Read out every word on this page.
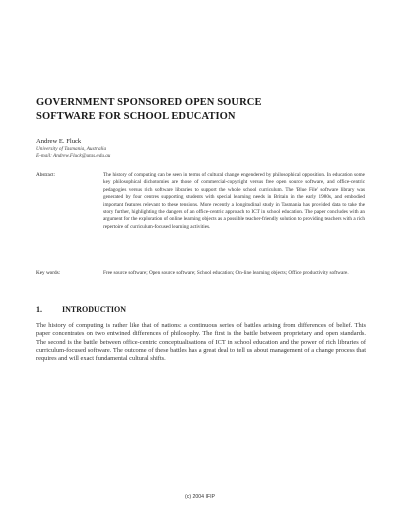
GOVERNMENT SPONSORED OPEN SOURCE
SOFTWARE FOR SCHOOL EDUCATION
Andrew E. Fluck
University of Tasmania, Australia
E-mail: Andrew.Fluck@utas.edu.au
Abstract:	The history of computing can be seen in terms of cultural change engendered by philosophical opposition. In education some key philosophical dichotomies are those of commercial-copyright versus free open source software, and office-centric pedagogies versus rich software libraries to support the whole school curriculum. The 'Blue File' software library was generated by four centres supporting students with special learning needs in Britain in the early 1980s, and embodied important features relevant to these tensions. More recently a longitudinal study in Tasmania has provided data to take the story further, highlighting the dangers of an office-centric approach to ICT in school education. The paper concludes with an argument for the exploration of online learning objects as a possible teacher-friendly solution to providing teachers with a rich repertoire of curriculum-focused learning activities.
Key words:	Free source software; Open source software; School education; On-line learning objects; Office productivity software.
1.	INTRODUCTION
The history of computing is rather like that of nations: a continuous series of battles arising from differences of belief. This paper concentrates on two entwined differences of philosophy. The first is the battle between proprietary and open standards. The second is the battle between office-centric conceptualisations of ICT in school education and the power of rich libraries of curriculum-focused software. The outcome of these battles has a great deal to tell us about management of a change process that requires and will exact fundamental cultural shifts.
(c) 2004 IFIP
